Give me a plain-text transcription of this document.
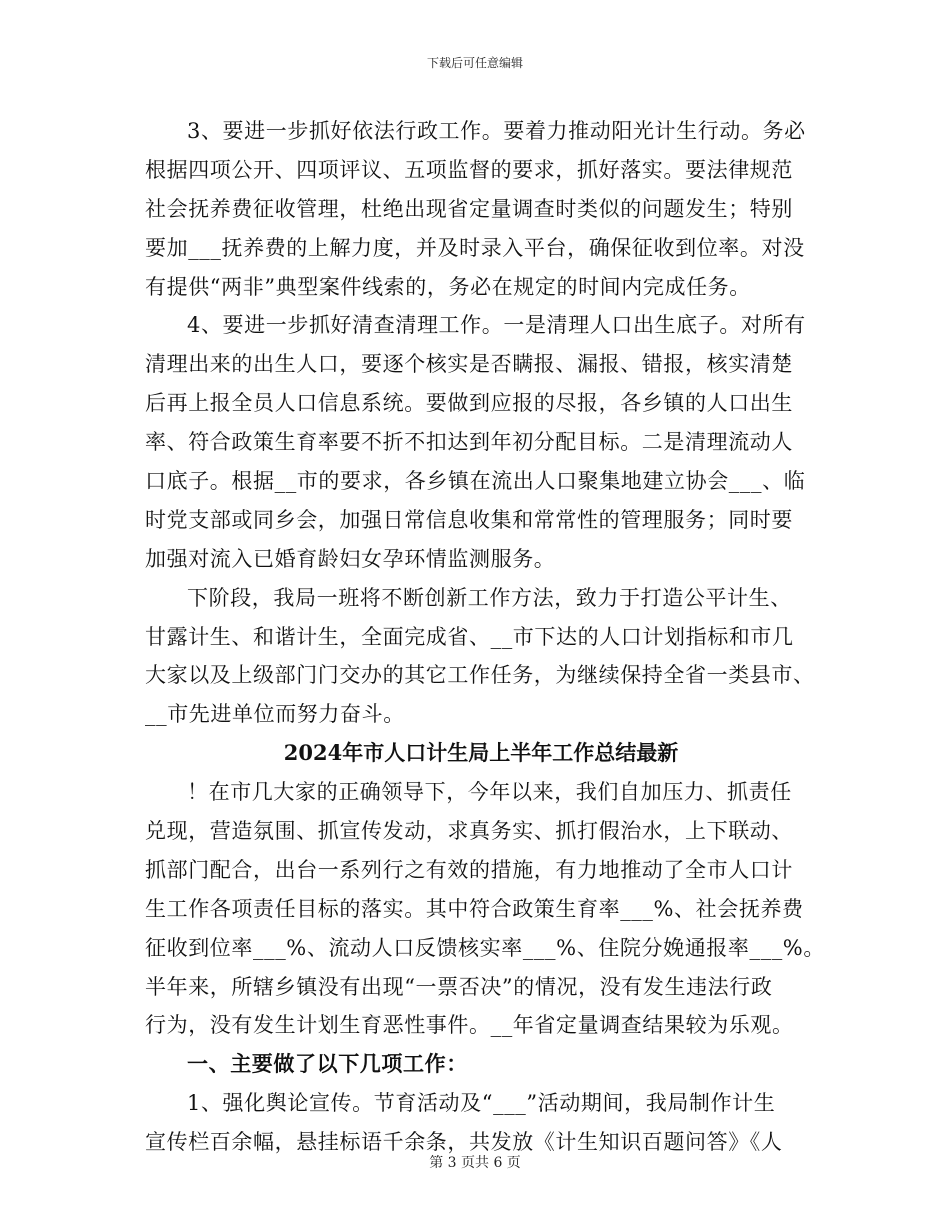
下载后可任意编辑
3、要进一步抓好依法行政工作。要着力推动阳光计生行动。务必
根据四项公开、四项评议、五项监督的要求，抓好落实。要法律规范
社会抚养费征收管理，杜绝出现省定量调查时类似的问题发生；特别
要加___抚养费的上解力度，并及时录入平台，确保征收到位率。对没
有提供“两非”典型案件线索的，务必在规定的时间内完成任务。
4、要进一步抓好清查清理工作。一是清理人口出生底子。对所有
清理出来的出生人口，要逐个核实是否瞒报、漏报、错报，核实清楚
后再上报全员人口信息系统。要做到应报的尽报，各乡镇的人口出生
率、符合政策生育率要不折不扣达到年初分配目标。二是清理流动人
口底子。根据__市的要求，各乡镇在流出人口聚集地建立协会___、临
时党支部或同乡会，加强日常信息收集和常常性的管理服务；同时要
加强对流入已婚育龄妇女孕环情监测服务。
下阶段，我局一班将不断创新工作方法，致力于打造公平计生、
甘露计生、和谐计生，全面完成省、__市下达的人口计划指标和市几
大家以及上级部门门交办的其它工作任务，为继续保持全省一类县市、
__市先进单位而努力奋斗。
2024年市人口计生局上半年工作总结最新
！在市几大家的正确领导下，今年以来，我们自加压力、抓责任
兑现，营造氛围、抓宣传发动，求真务实、抓打假治水，上下联动、
抓部门配合，出台一系列行之有效的措施，有力地推动了全市人口计
生工作各项责任目标的落实。其中符合政策生育率___%、社会抚养费
征收到位率___%、流动人口反馈核实率___%、住院分娩通报率___%。
半年来，所辖乡镇没有出现“一票否决”的情况，没有发生违法行政
行为，没有发生计划生育恶性事件。__年省定量调查结果较为乐观。
一、主要做了以下几项工作：
1、强化舆论宣传。节育活动及“___”活动期间，我局制作计生
宣传栏百余幅，悬挂标语千余条，共发放《计生知识百题问答》《人
第 3 页共 6 页
